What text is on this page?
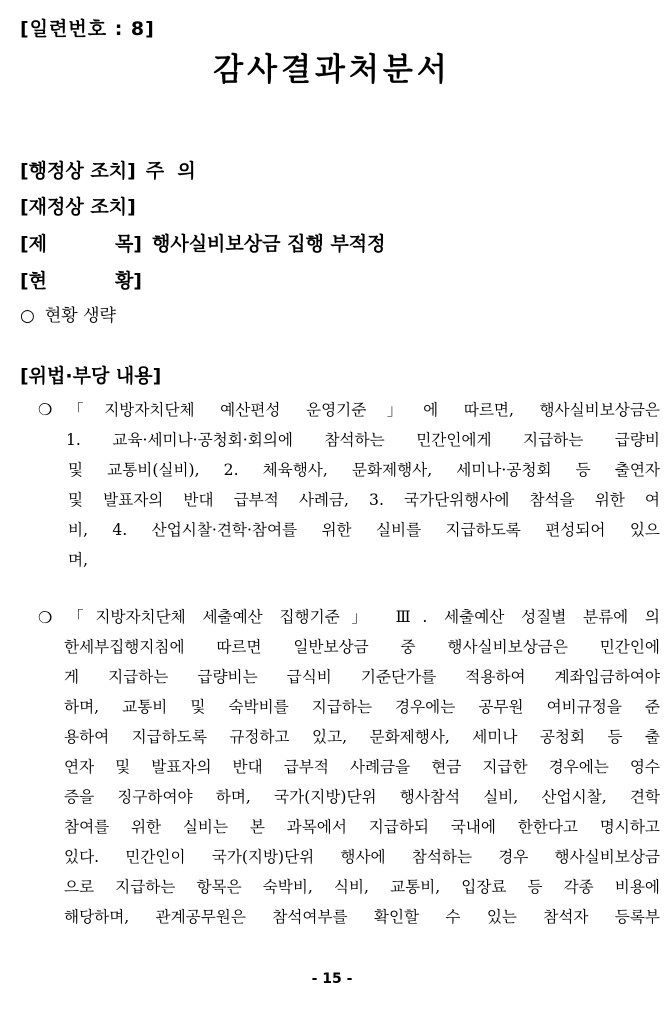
[일련번호 : 8]
감사결과처분서
[행정상 조치] 주  의
[재정상 조치]
[제	목] 행사실비보상금 집행 부적정
[현	황]
○ 현황 생략
[위법·부당 내용]
❍ 「지방자치단체 예산편성 운영기준」에 따르면, 행사실비보상금은
1. 교육·세미나·공청회·회의에 참석하는 민간인에게 지급하는 급량비
및 교통비(실비), 2. 체육행사, 문화제행사, 세미나·공청회 등 출연자
및 발표자의 반대 급부적 사례금, 3. 국가단위행사에 참석을 위한 여
비, 4. 산업시찰·견학·참여를 위한 실비를 지급하도록 편성되어 있으
며,
❍ 「지방자치단체 세출예산 집행기준」 Ⅲ. 세출예산 성질별 분류에 의
한세부집행지침에 따르면 일반보상금 중 행사실비보상금은 민간인에
게 지급하는 급량비는 급식비 기준단가를 적용하여 계좌입금하여야
하며, 교통비 및 숙박비를 지급하는 경우에는 공무원 여비규정을 준
용하여 지급하도록 규정하고 있고, 문화제행사, 세미나 공청회 등 출
연자 및 발표자의 반대 급부적 사례금을 현금 지급한 경우에는 영수
증을 징구하여야 하며, 국가(지방)단위 행사참석 실비, 산업시찰, 견학
참여를 위한 실비는 본 과목에서 지급하되 국내에 한한다고 명시하고
있다. 민간인이 국가(지방)단위 행사에 참석하는 경우 행사실비보상금
으로 지급하는 항목은 숙박비, 식비, 교통비, 입장료 등 각종 비용에
해당하며, 관계공무원은 참석여부를 확인할 수 있는 참석자 등록부
- 15 -
